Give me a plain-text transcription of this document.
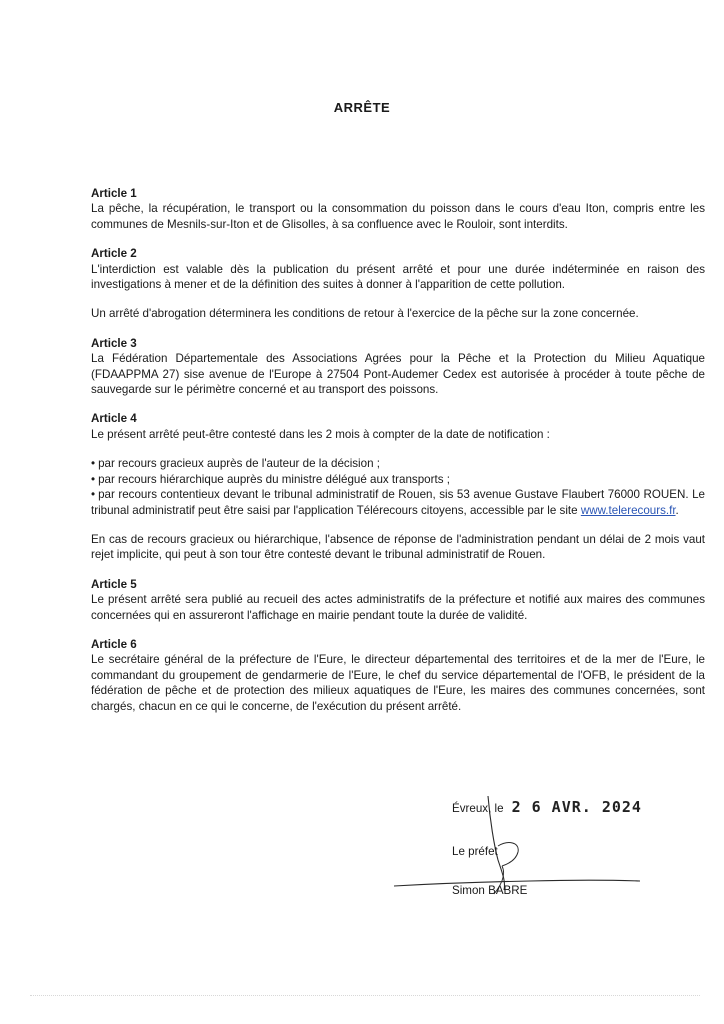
ARRÊTE
Article 1

La pêche, la récupération, le transport ou la consommation du poisson dans le cours d'eau Iton, compris entre les communes de Mesnils-sur-Iton et de Glisolles, à sa confluence avec le Rouloir, sont interdits.

Article 2

L'interdiction est valable dès la publication du présent arrêté et pour une durée indéterminée en raison des investigations à mener et de la définition des suites à donner à l'apparition de cette pollution.

Un arrêté d'abrogation déterminera les conditions de retour à l'exercice de la pêche sur la zone concernée.

Article 3

La Fédération Départementale des Associations Agrées pour la Pêche et la Protection du Milieu Aquatique (FDAAPPMA 27) sise avenue de l'Europe à 27504 Pont-Audemer Cedex est autorisée à procéder à toute pêche de sauvegarde sur le périmètre concerné et au transport des poissons.

Article 4

Le présent arrêté peut-être contesté dans les 2 mois à compter de la date de notification :

• par recours gracieux auprès de l'auteur de la décision ;
• par recours hiérarchique auprès du ministre délégué aux transports ;
• par recours contentieux devant le tribunal administratif de Rouen, sis 53 avenue Gustave Flaubert 76000 ROUEN. Le tribunal administratif peut être saisi par l'application Télérecours citoyens, accessible par le site www.telerecours.fr.

En cas de recours gracieux ou hiérarchique, l'absence de réponse de l'administration pendant un délai de 2 mois vaut rejet implicite, qui peut à son tour être contesté devant le tribunal administratif de Rouen.

Article 5

Le présent arrêté sera publié au recueil des actes administratifs de la préfecture et notifié aux maires des communes concernées qui en assureront l'affichage en mairie pendant toute la durée de validité.

Article 6

Le secrétaire général de la préfecture de l'Eure, le directeur départemental des territoires et de la mer de l'Eure, le commandant du groupement de gendarmerie de l'Eure, le chef du service départemental de l'OFB, le président de la fédération de pêche et de protection des milieux aquatiques de l'Eure, les maires des communes concernées, sont chargés, chacun en ce qui le concerne, de l'exécution du présent arrêté.

Évreux, le 2 6 AVR. 2024
Le préfet
Simon BABRE
